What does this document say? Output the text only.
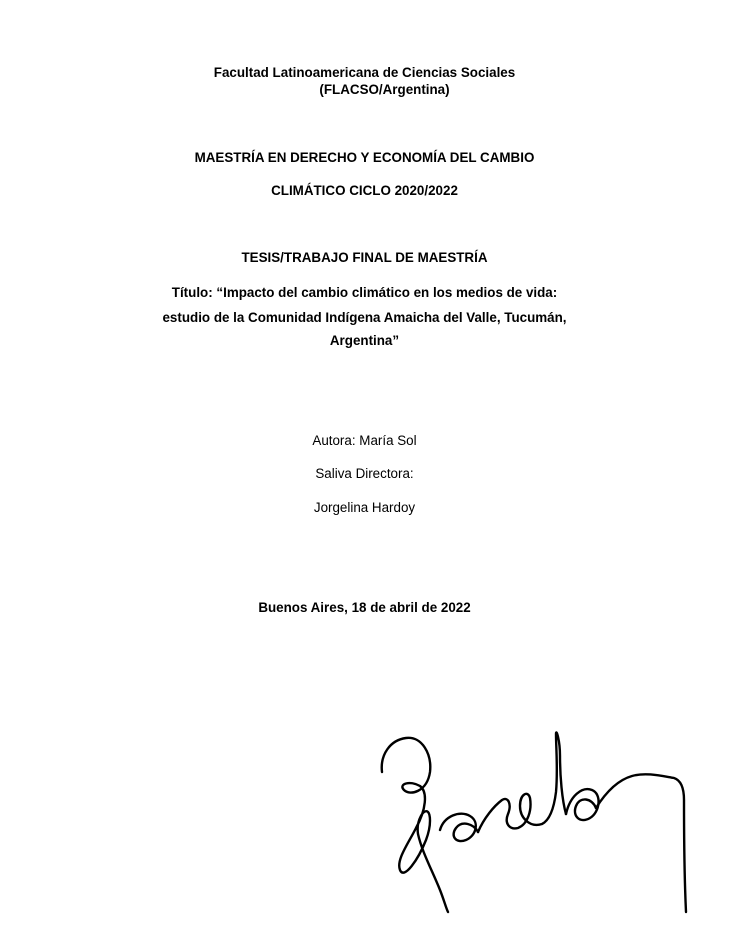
Facultad Latinoamericana de Ciencias Sociales
(FLACSO/Argentina)
MAESTRÍA EN DERECHO Y ECONOMÍA DEL CAMBIO
CLIMÁTICO CICLO 2020/2022
TESIS/TRABAJO FINAL DE MAESTRÍA
Título: “Impacto del cambio climático en los medios de vida:
estudio de la Comunidad Indígena Amaicha del Valle, Tucumán,
Argentina”
Autora: María Sol
Saliva Directora:
Jorgelina Hardoy
Buenos Aires, 18 de abril de 2022
